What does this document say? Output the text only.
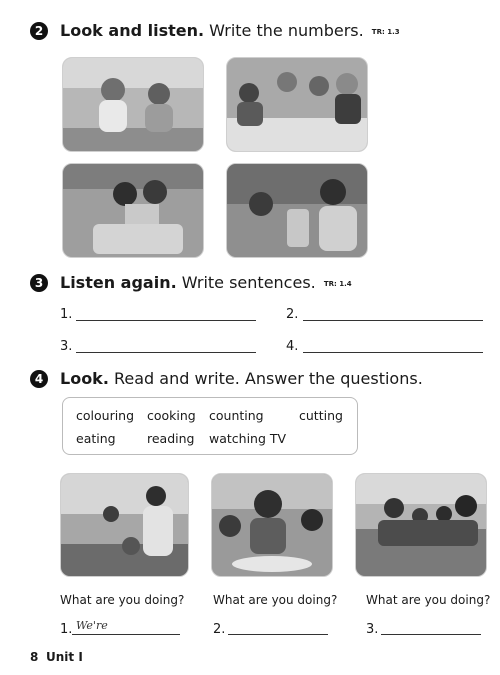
2	Look and listen. Write the numbers. TR: 1.3
3	Listen again. Write sentences. TR: 1.4
1.	2.
3.	4.
4	Look. Read and write. Answer the questions.
colouring cooking counting	cutting
eating	reading watching TV
What are you doing? What are you doing? What are you doing?
1. We're	2.	3.
8 Unit I
